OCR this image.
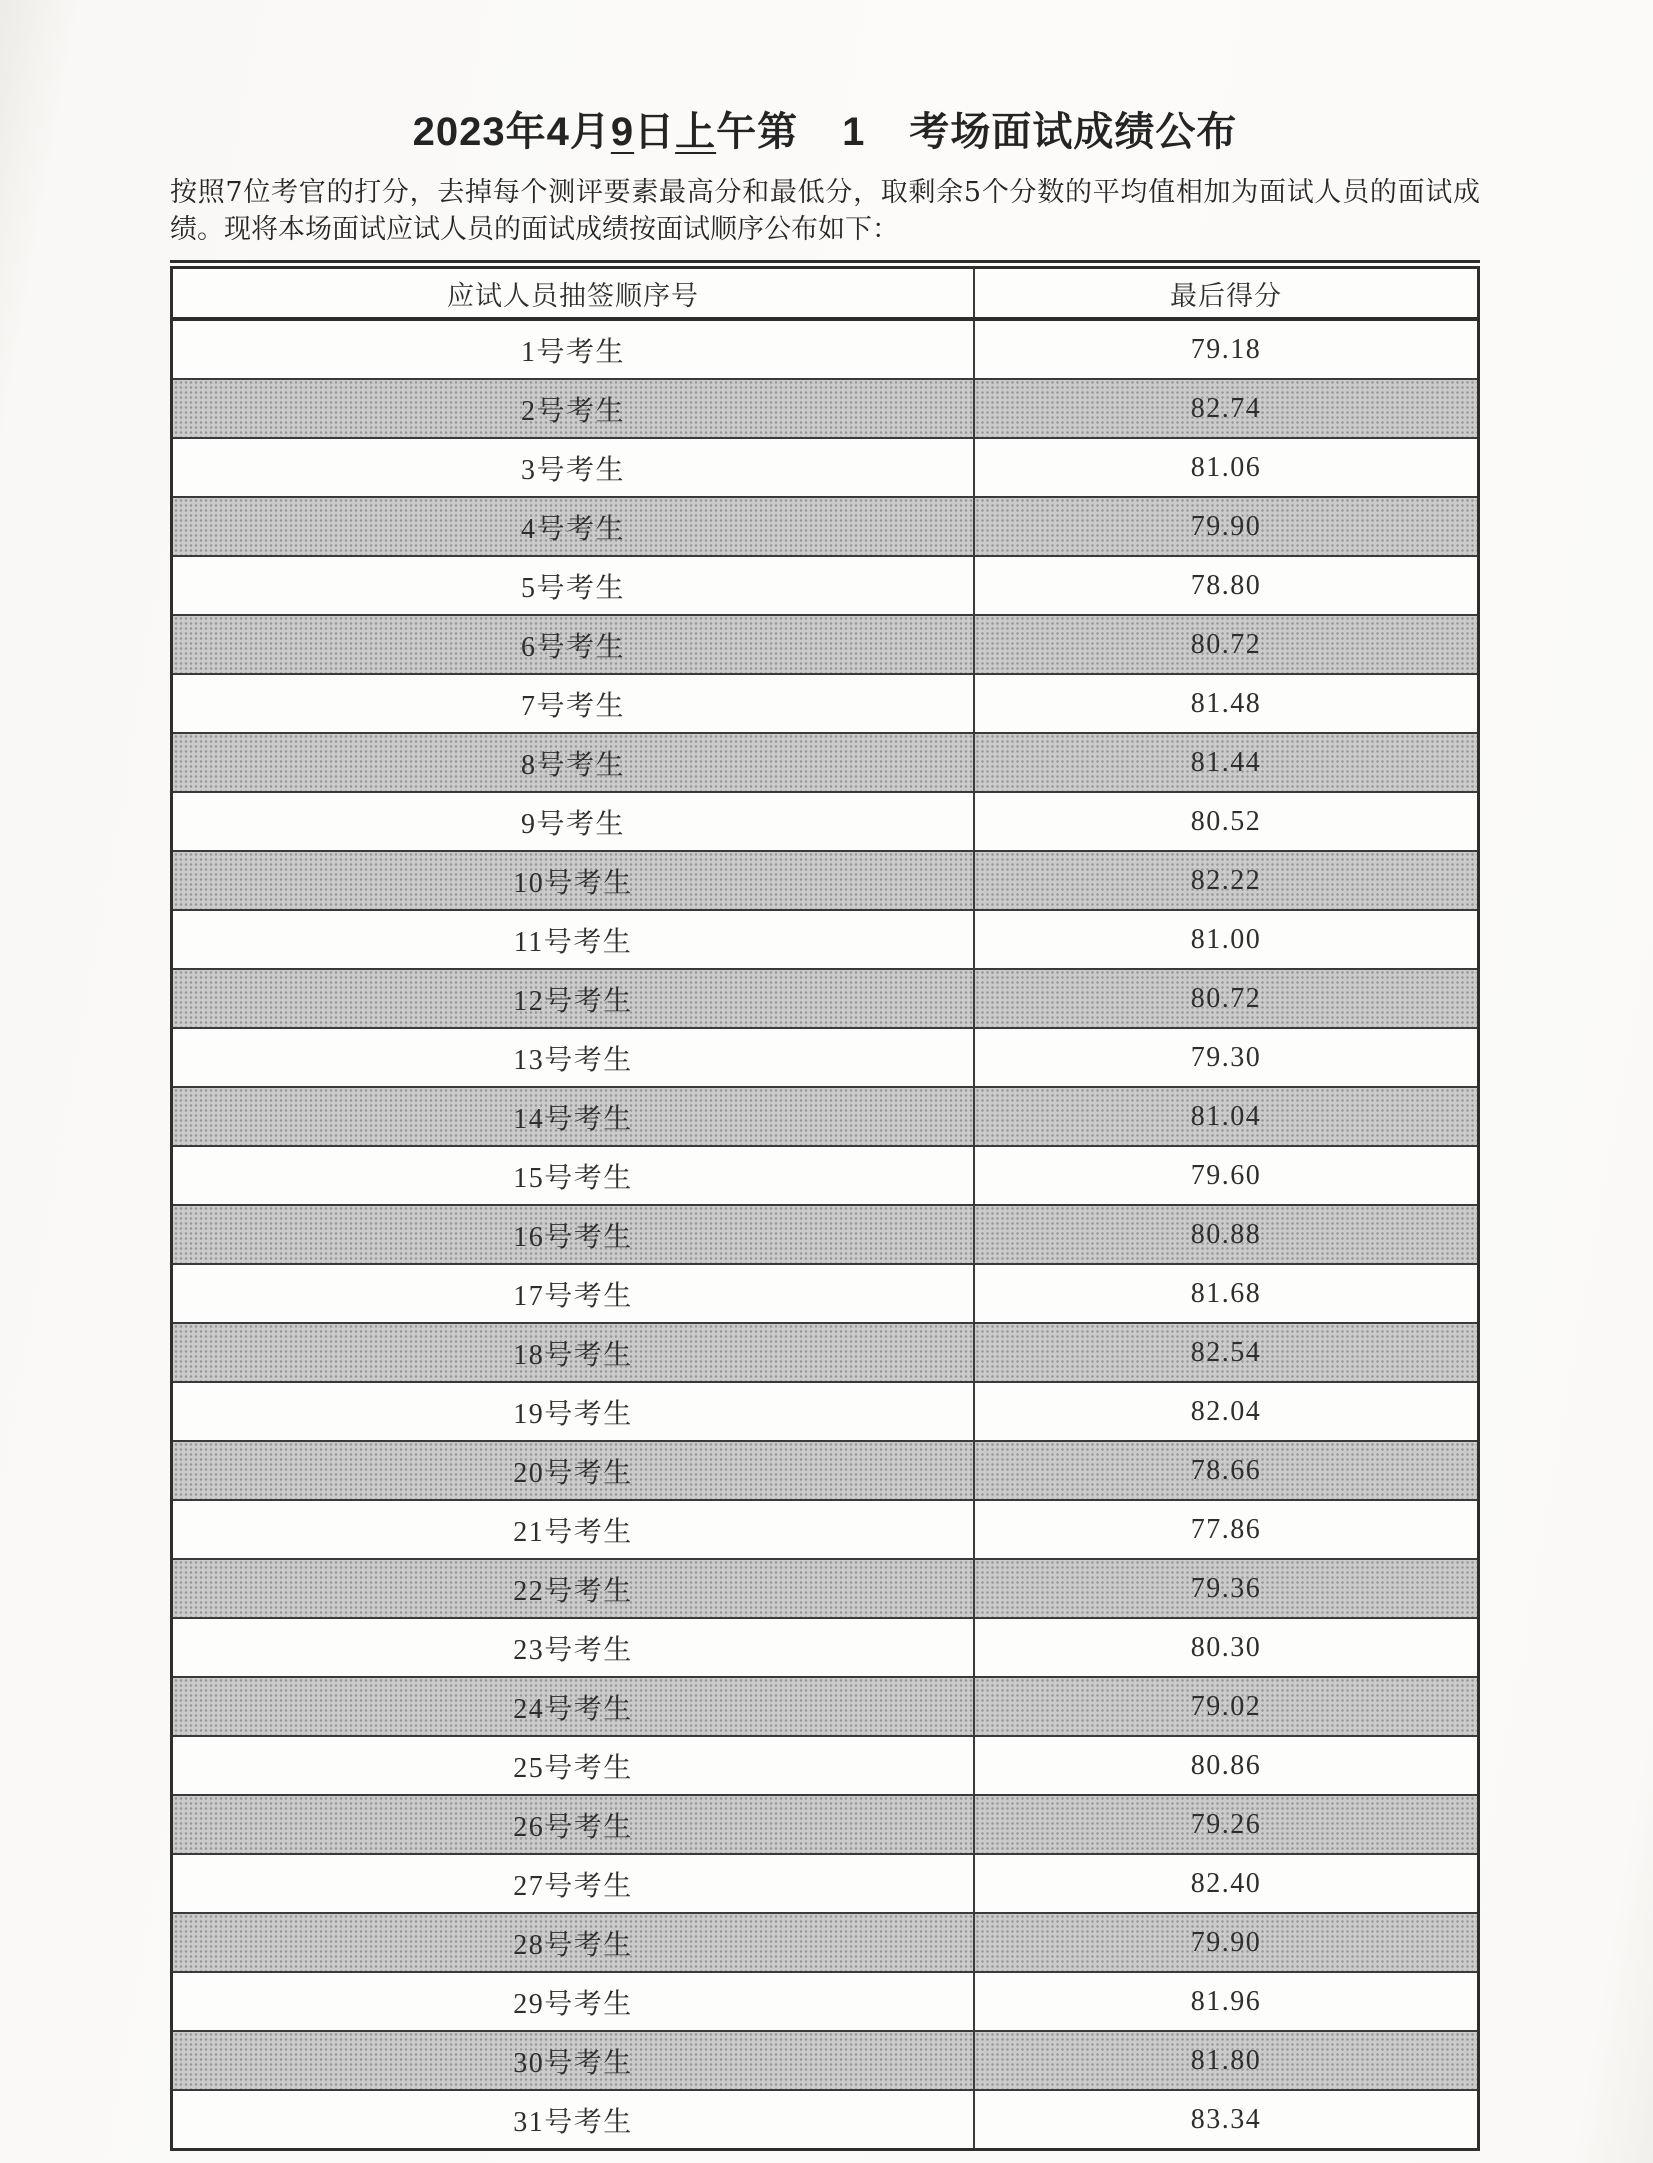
2023年4月9日上午第 1 考场面试成绩公布

按照7位考官的打分，去掉每个测评要素最高分和最低分，取剩余5个分数的平均值相加为面试人员的面试成绩。现将本场面试应试人员的面试成绩按面试顺序公布如下：

应试人员抽签顺序号	最后得分
1号考生	79.18
2号考生	82.74
3号考生	81.06
4号考生	79.90
5号考生	78.80
6号考生	80.72
7号考生	81.48
8号考生	81.44
9号考生	80.52
10号考生	82.22
11号考生	81.00
12号考生	80.72
13号考生	79.30
14号考生	81.04
15号考生	79.60
16号考生	80.88
17号考生	81.68
18号考生	82.54
19号考生	82.04
20号考生	78.66
21号考生	77.86
22号考生	79.36
23号考生	80.30
24号考生	79.02
25号考生	80.86
26号考生	79.26
27号考生	82.40
28号考生	79.90
29号考生	81.96
30号考生	81.80
31号考生	83.34
